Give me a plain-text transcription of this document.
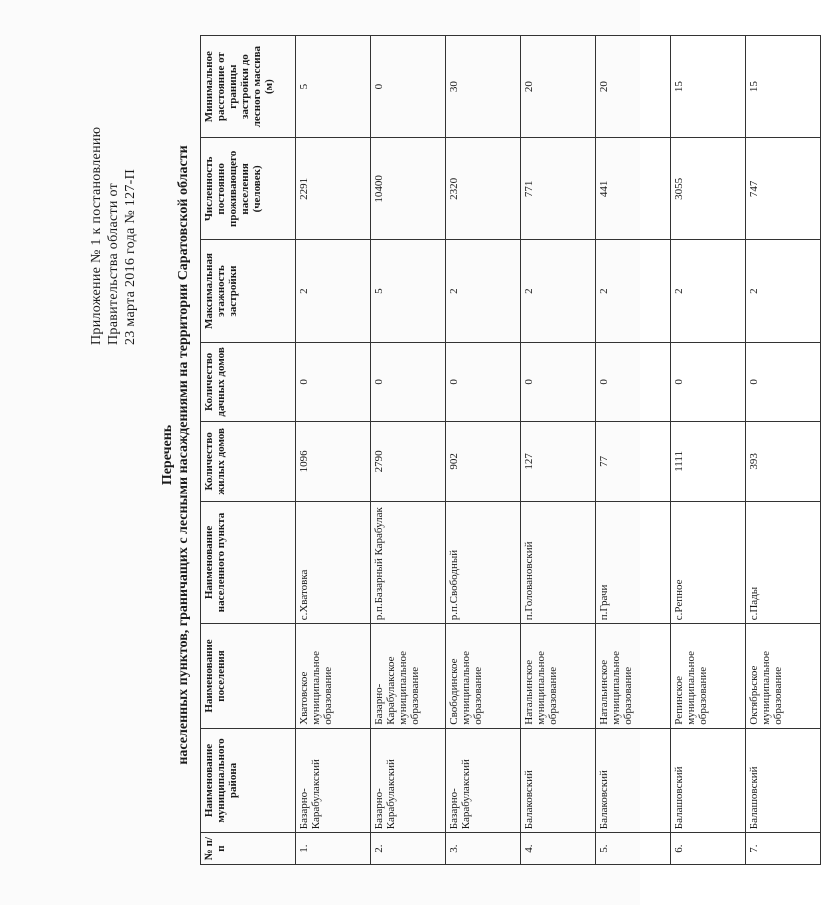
Приложение № 1 к постановлению Правительства области от 23 марта 2016 года № 127-П
Перечень населенных пунктов, граничащих с лесными насаждениями на территории Саратовской области
№ п/п	Наименование муниципального района	Наименование поселения	Наименование населенного пункта	Количество жилых домов	Количество дачных домов	Максимальная этажность застройки	Численность постоянно проживающего населения (человек)	Минимальное расстояние от границы застройки до лесного массива (м)
1.	Базарно-Карабулакский	Хватовское муниципальное образование	с.Хватовка	1096	0	2	2291	5
2.	Базарно-Карабулакский	Базарно-Карабулакское муниципальное образование	р.п.Базарный Карабулак	2790	0	5	10400	0
3.	Базарно-Карабулакский	Свободинское муниципальное образование	р.п.Свободный	902	0	2	2320	30
4.	Балаковский	Натальинское муниципальное образование	п.Головановский	127	0	2	771	20
5.	Балаковский	Натальинское муниципальное образование	п.Грачи	77	0	2	441	20
6.	Балашовский	Репинское муниципальное образование	с.Репное	1111	0	2	3055	15
7.	Балашовский	Октябрьское муниципальное образование	с.Пады	393	0	2	747	15
